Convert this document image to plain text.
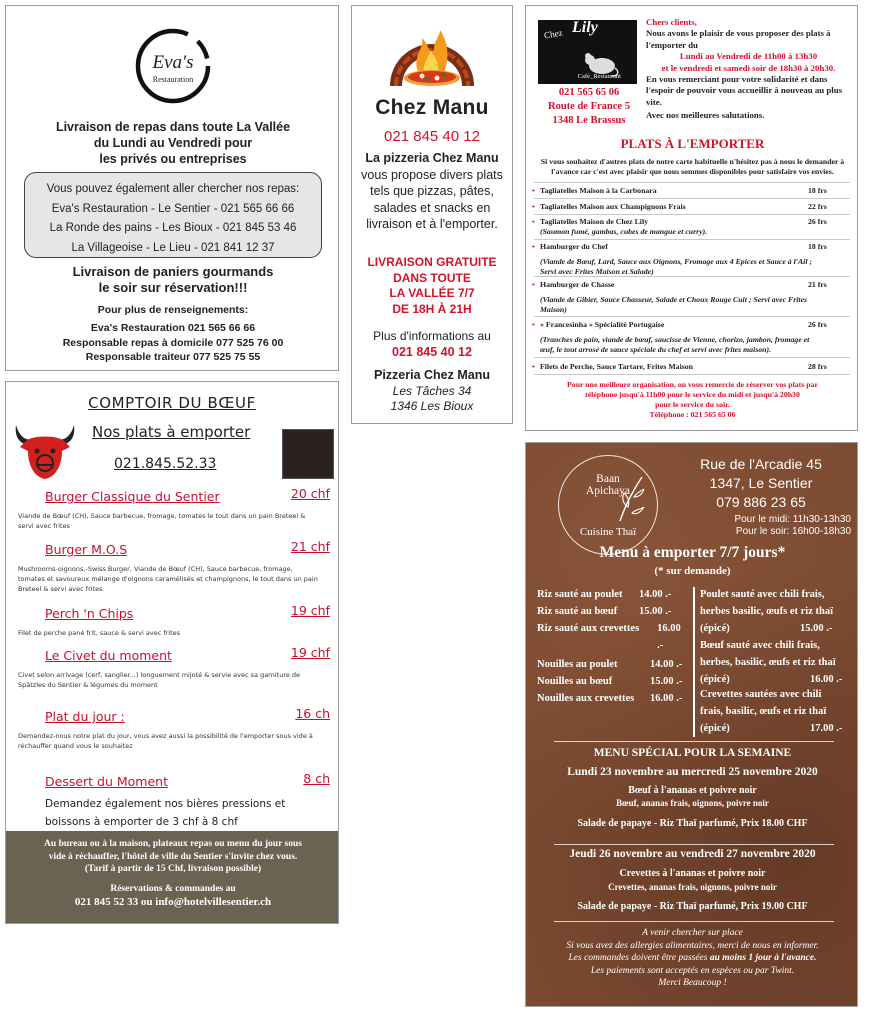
Eva's
Restauration
Livraison de repas dans toute La Vallée
du Lundi au Vendredi pour
les privés ou entreprises
Vous pouvez également aller chercher nos repas:
Eva's Restauration - Le Sentier - 021 565 66 66
La Ronde des pains - Les Bioux - 021 845 53 46
La Villageoise - Le Lieu - 021 841 12 37
Livraison de paniers gourmands
le soir sur réservation!!!
Pour plus de renseignements:
Eva's Restauration 021 565 66 66
Responsable repas à domicile 077 525 76 00
Responsable traiteur 077 525 75 55
Chez Manu
021 845 40 12
La pizzeria Chez Manu
vous propose divers plats tels que pizzas, pâtes, salades et snacks en livraison et à l'emporter.
LIVRAISON GRATUITE
DANS TOUTE
LA VALLÉE 7/7
DE 18H À 21H
Plus d'informations au
021 845 40 12
Pizzeria Chez Manu
Les Tâches 34
1346 Les Bioux
Chez Lily
Café_Restaurant
021 565 65 06
Route de France 5
1348 Le Brassus
Chers clients,
Nous avons le plaisir de vous proposer des plats à l'emporter du
Lundi au Vendredi de 11h00 à 13h30
et le vendredi et samedi soir de 18h30 à 20h30.
En vous remerciant pour votre solidarité et dans l'espoir de pouvoir vous accueillir à nouveau au plus vite.
Avec nos meilleures salutations.
PLATS À L'EMPORTER
Si vous souhaitez d'autres plats de notre carte habituelle n'hésitez pas à nous le demander à l'avance car c'est avec plaisir que nous sommes disponibles pour satisfaire vos envies.
• Tagliatelles Maison à la Carbonara	18 frs
• Tagliatelles Maison aux Champignons Frais	22 frs
• Tagliatelles Maison de Chez Lily	26 frs
(Saumon fumé, gambas, cubes de mangue et curry).
• Hamburger du Chef	18 frs
(Viande de Bœuf, Lard, Sauce aux Oignons, Fromage aux 4 Epices et Sauce à l'Ail ; Servi avec Frites Maison et Salade)
• Hamburger de Chasse	21 frs
(Viande de Gibier, Sauce Chasseur, Salade et Choux Rouge Cuit ; Servi avec Frites Maison)
• « Francesinha » Spécialité Portugaise	26 frs
(Tranches de pain, viande de bœuf, saucisse de Vienne, chorizo, jambon, fromage et œuf, le tout arrosé de sauce spéciale du chef et servi avec frites maison).
• Filets de Perche, Sauce Tartare, Frites Maison	28 frs
Pour une meilleure organisation, on vous remercie de réserver vos plats par
téléphone jusqu'à 11h00 pour le service du midi et jusqu'à 20h30
pour le service du soir.
Téléphone : 021 565 65 06
COMPTOIR DU BŒUF
Nos plats à emporter
021.845.52.33
Burger Classique du Sentier	20 chf
Viande de Bœuf (CH), Sauce barbecue, fromage, tomates le tout dans un pain Breteel & servi avec frites
Burger M.O.S	21 chf
Mushrooms-oignons,-Swiss Burger, Viande de Bœuf (CH), Sauce barbecue, fromage, tomates et savoureux mélange d'oignons caramélisés et champignons, le tout dans un pain Breteel & servi avec frites
Perch 'n Chips	19 chf
Filet de perche pané frit, sauce & servi avec frites
Le Civet du moment	19 chf
Civet selon arrivage (cerf, sanglier...) longuement mijoté & servie avec sa garniture de Spätzles du Sentier & légumes du moment
Plat du jour :	16 ch
Demandez-nous notre plat du jour, vous avez aussi la possibilité de l'emporter sous vide à réchauffer quand vous le souhaitez
Dessert du Moment	8 ch
Demandez également nos bières pressions et boissons à emporter de 3 chf à 8 chf
Au bureau ou à la maison, plateaux repas ou menu du jour sous
vide à réchauffer, l'hôtel de ville du Sentier s'invite chez vous.
(Tarif à partir de 15 Chf, livraison possible)
Réservations & commandes au
021 845 52 33 ou info@hotelvillesentier.ch
Baan
Apichaya
Cuisine Thaï
Rue de l'Arcadie 45
1347, Le Sentier
079 886 23 65
Pour le midi: 11h30-13h30
Pour le soir: 16h00-18h30
Menu à emporter 7/7 jours*
(* sur demande)
Riz sauté au poulet	14.00 .-
Riz sauté au bœuf	15.00 .-
Riz sauté aux crevettes	16.00 .-
Nouilles au poulet	14.00 .-
Nouilles au bœuf	15.00 .-
Nouilles aux crevettes	16.00 .-
Poulet sauté avec chili frais,
herbes basilic, œufs et riz thaï
(épicé)	15.00 .-
Bœuf sauté avec chili frais,
herbes, basilic, œufs et riz thaï
(épicé)	16.00 .-
Crevettes sautées avec chili
frais, basilic, œufs et riz thaï
(épicé)	17.00 .-
MENU SPÉCIAL POUR LA SEMAINE
Lundi 23 novembre au mercredi 25 novembre 2020
Bœuf à l'ananas et poivre noir
Bœuf, ananas frais, oignons, poivre noir
Salade de papaye - Riz Thaï parfumé, Prix 18.00 CHF
Jeudi 26 novembre au vendredi 27 novembre 2020
Crevettes à l'ananas et poivre noir
Crevettes, ananas frais, oignons, poivre noir
Salade de papaye - Riz Thaï parfumé, Prix 19.00 CHF
A venir chercher sur place
Si vous avez des allergies alimentaires, merci de nous en informer.
Les commandes doivent être passées au moins 1 jour à l'avance.
Les paiements sont acceptés en espèces ou par Twint.
Merci Beaucoup !
